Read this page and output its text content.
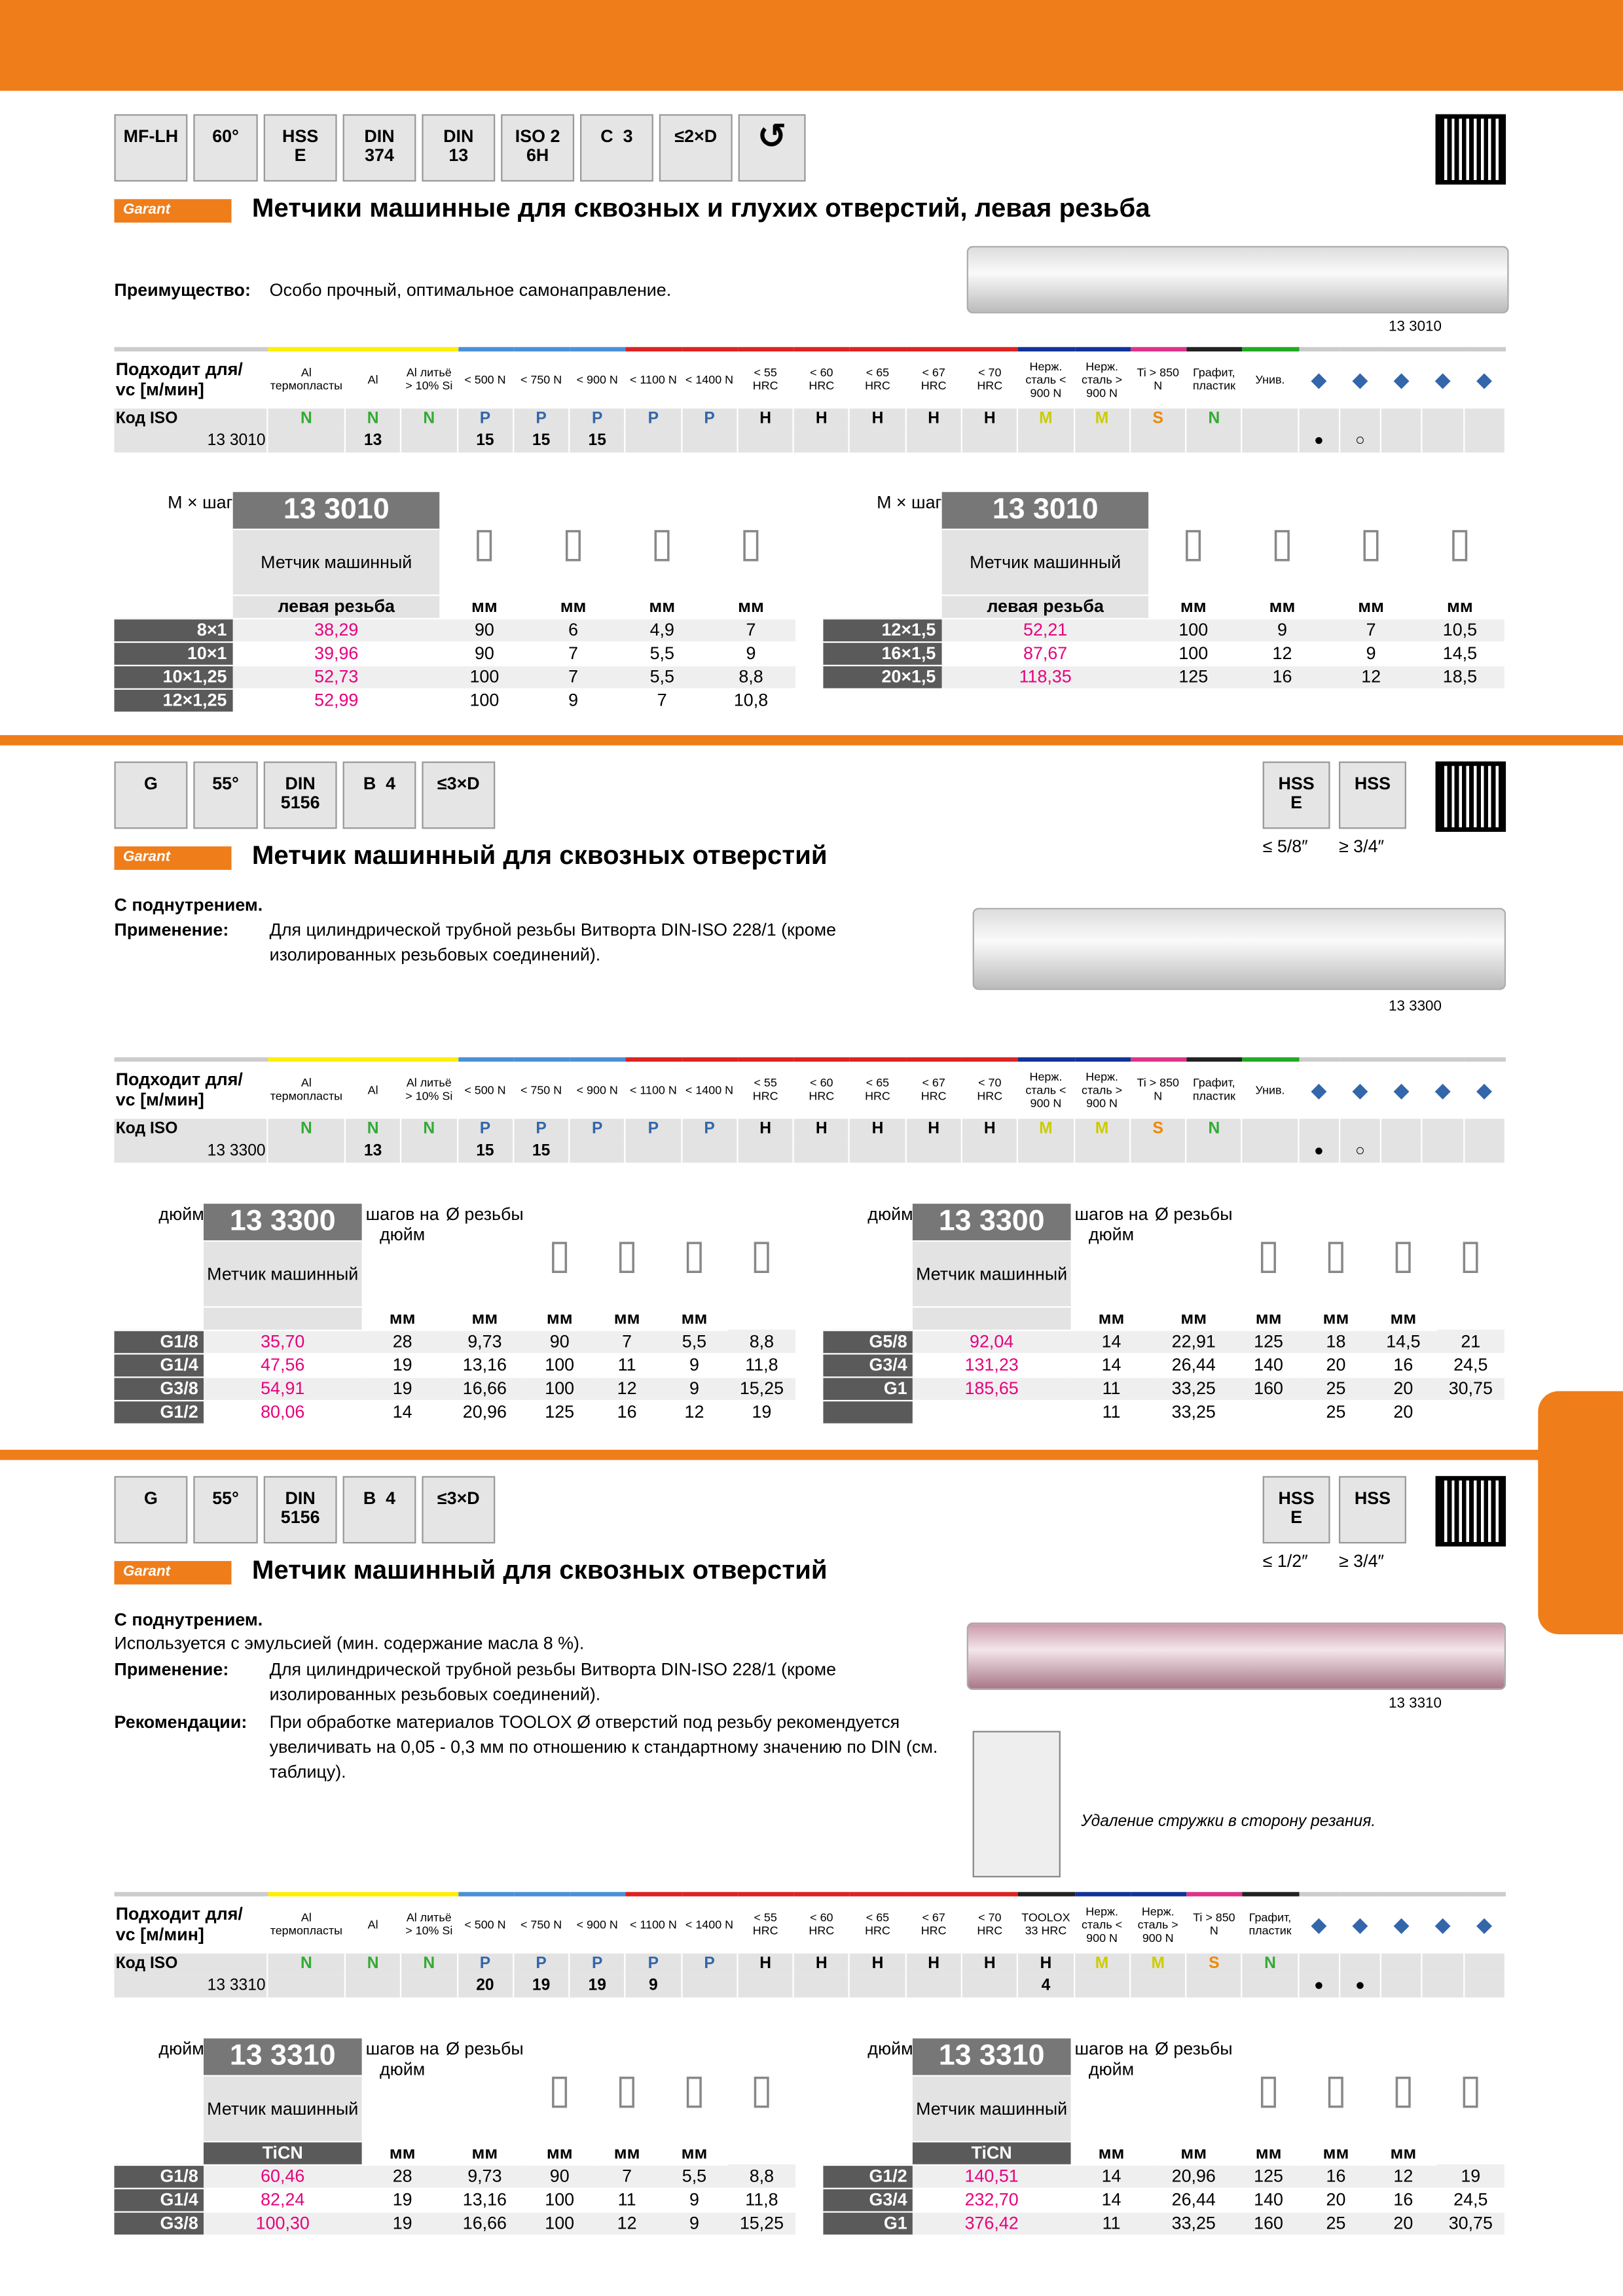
MF-LH	60°	HSS
E
DIN
374
DIN
13
ISO 2
6H
C  3	≤2×D	↺
Garant	Метчики машинные для сквозных и глухих отверстий, левая резьба
Преимущество: Особо прочный, оптимальное самонаправление.
13 3010
Подходит для/ vc [м/мин]	Al термопласты	Al	Al литьё > 10% Si	< 500 N	< 750 N	< 900 N	< 1100 N	< 1400 N	< 55 HRC	< 60 HRC	< 65 HRC	< 67 HRC	< 70 HRC	Нерж. сталь < 900 N	Нерж. сталь > 900 N	Ti > 850 N	Графит, пластик	Унив.	◆	◆	◆	◆	◆
Код ISO	N	N	N	P	P	P	P	P	H	H	H	H	H	M	M	S	N						
13 3010		13		15	15	15													●	○			
M × шаг	13 3010	▯	▯	▯	▯
	Метчик машинный				
	левая резьба	мм	мм	мм	мм
8×1	38,29	90	6	4,9	7
10×1	39,96	90	7	5,5	9
10×1,25	52,73	100	7	5,5	8,8
12×1,25	52,99	100	9	7	10,8
M × шаг	13 3010	▯	▯	▯	▯
	Метчик машинный				
	левая резьба	мм	мм	мм	мм
12×1,5	52,21	100	9	7	10,5
16×1,5	87,67	100	12	9	14,5
20×1,5	118,35	125	16	12	18,5
G	55°	DIN
5156
B  4	≤3×D	HSS
E
≤ 5/8″
HSS
≥ 3/4″
Garant	Метчик машинный для сквозных отверстий
С поднутрением.
Применение:	Для цилиндрической трубной резьбы Витворта DIN-ISO 228/1 (кроме изолированных резьбовых соединений).
13 3300
Подходит для/ vc [м/мин]	Al термопласты	Al	Al литьё > 10% Si	< 500 N	< 750 N	< 900 N	< 1100 N	< 1400 N	< 55 HRC	< 60 HRC	< 65 HRC	< 67 HRC	< 70 HRC	Нерж. сталь < 900 N	Нерж. сталь > 900 N	Ti > 850 N	Графит, пластик	Унив.	◆	◆	◆	◆	◆
Код ISO	N	N	N	P	P	P	P	P	H	H	H	H	H	M	M	S	N						
13 3300		13		15	15														●	○			
дюйм	13 3300	шагов на дюйм	Ø резьбы	▯	▯	▯	▯
	Метчик машинный						
		мм	мм	мм	мм	мм	
G1/8	35,70	28	9,73	90	7	5,5	8,8
G1/4	47,56	19	13,16	100	11	9	11,8
G3/8	54,91	19	16,66	100	12	9	15,25
G1/2	80,06	14	20,96	125	16	12	19
дюйм	13 3300	шагов на дюйм	Ø резьбы	▯	▯	▯	▯
	Метчик машинный						
		мм	мм	мм	мм	мм	
G5/8	92,04	14	22,91	125	18	14,5	21
G3/4	131,23	14	26,44	140	20	16	24,5
G1	185,65	11	33,25	160	25	20	30,75
		11	33,25		25	20	
G	55°	DIN
5156
B  4	≤3×D	HSS
E
≤ 1/2″
HSS
≥ 3/4″
Garant	Метчик машинный для сквозных отверстий
С поднутрением.
Используется с эмульсией (мин. содержание масла 8 %).
Применение:	Для цилиндрической трубной резьбы Витворта DIN-ISO 228/1 (кроме изолированных резьбовых соединений).
Рекомендации:	При обработке материалов TOOLOX Ø отверстий под резьбу рекомендуется увеличивать на 0,05 - 0,3 мм по отношению к стандартному значению по DIN (см. таблицу).
13 3310
Удаление стружки в сторону резания.
Подходит для/ vc [м/мин]	Al термопласты	Al	Al литьё > 10% Si	< 500 N	< 750 N	< 900 N	< 1100 N	< 1400 N	< 55 HRC	< 60 HRC	< 65 HRC	< 67 HRC	< 70 HRC	TOOLOX 33 HRC	Нерж. сталь < 900 N	Нерж. сталь > 900 N	Ti > 850 N	Графит, пластик	◆	◆	◆	◆	◆
Код ISO	N	N	N	P	P	P	P	P	H	H	H	H	H	H	M	M	S	N					
13 3310				20	19	19	9							4					●	●			
дюйм	13 3310	шагов на дюйм	Ø резьбы	▯	▯	▯	▯
	Метчик машинный						
	TiCN	мм	мм	мм	мм	мм	
G1/8	60,46	28	9,73	90	7	5,5	8,8
G1/4	82,24	19	13,16	100	11	9	11,8
G3/8	100,30	19	16,66	100	12	9	15,25
дюйм	13 3310	шагов на дюйм	Ø резьбы	▯	▯	▯	▯
	Метчик машинный						
	TiCN	мм	мм	мм	мм	мм	
G1/2	140,51	14	20,96	125	16	12	19
G3/4	232,70	14	26,44	140	20	16	24,5
G1	376,42	11	33,25	160	25	20	30,75
